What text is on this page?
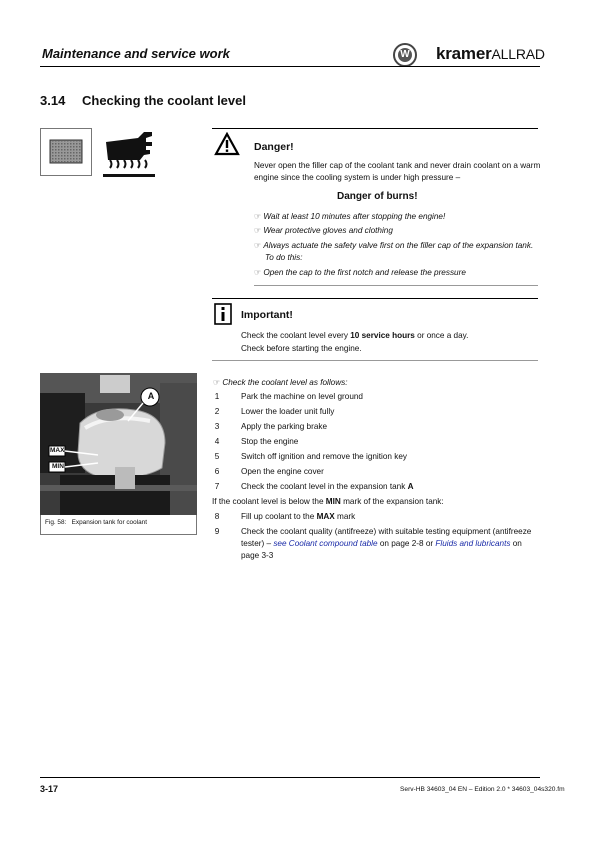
Maintenance and service work	W kramerALLRAD
3.14 Checking the coolant level
Danger!
Never open the filler cap of the coolant tank and never drain coolant on a warm
engine since the cooling system is under high pressure –
Danger of burns!
☞ Wait at least 10 minutes after stopping the engine!
☞ Wear protective gloves and clothing
☞ Always actuate the safety valve first on the filler cap of the expansion tank.
To do this:
☞ Open the cap to the first notch and release the pressure
Important!
Check the coolant level every 10 service hours or once a day.
Check before starting the engine.
A
MAX
MIN
Fig. 58: Expansion tank for coolant
☞ Check the coolant level as follows:
1	Park the machine on level ground
2	Lower the loader unit fully
3	Apply the parking brake
4	Stop the engine
5	Switch off ignition and remove the ignition key
6	Open the engine cover
7	Check the coolant level in the expansion tank A
If the coolant level is below the MIN mark of the expansion tank:
8	Fill up coolant to the MAX mark
9	Check the coolant quality (antifreeze) with suitable testing equipment (antifreeze
tester) – see Coolant compound table on page 2-8 or Fluids and lubricants on
page 3-3
3-17	Serv-HB 34603_04 EN – Edition 2.0 * 34603_04s320.fm
